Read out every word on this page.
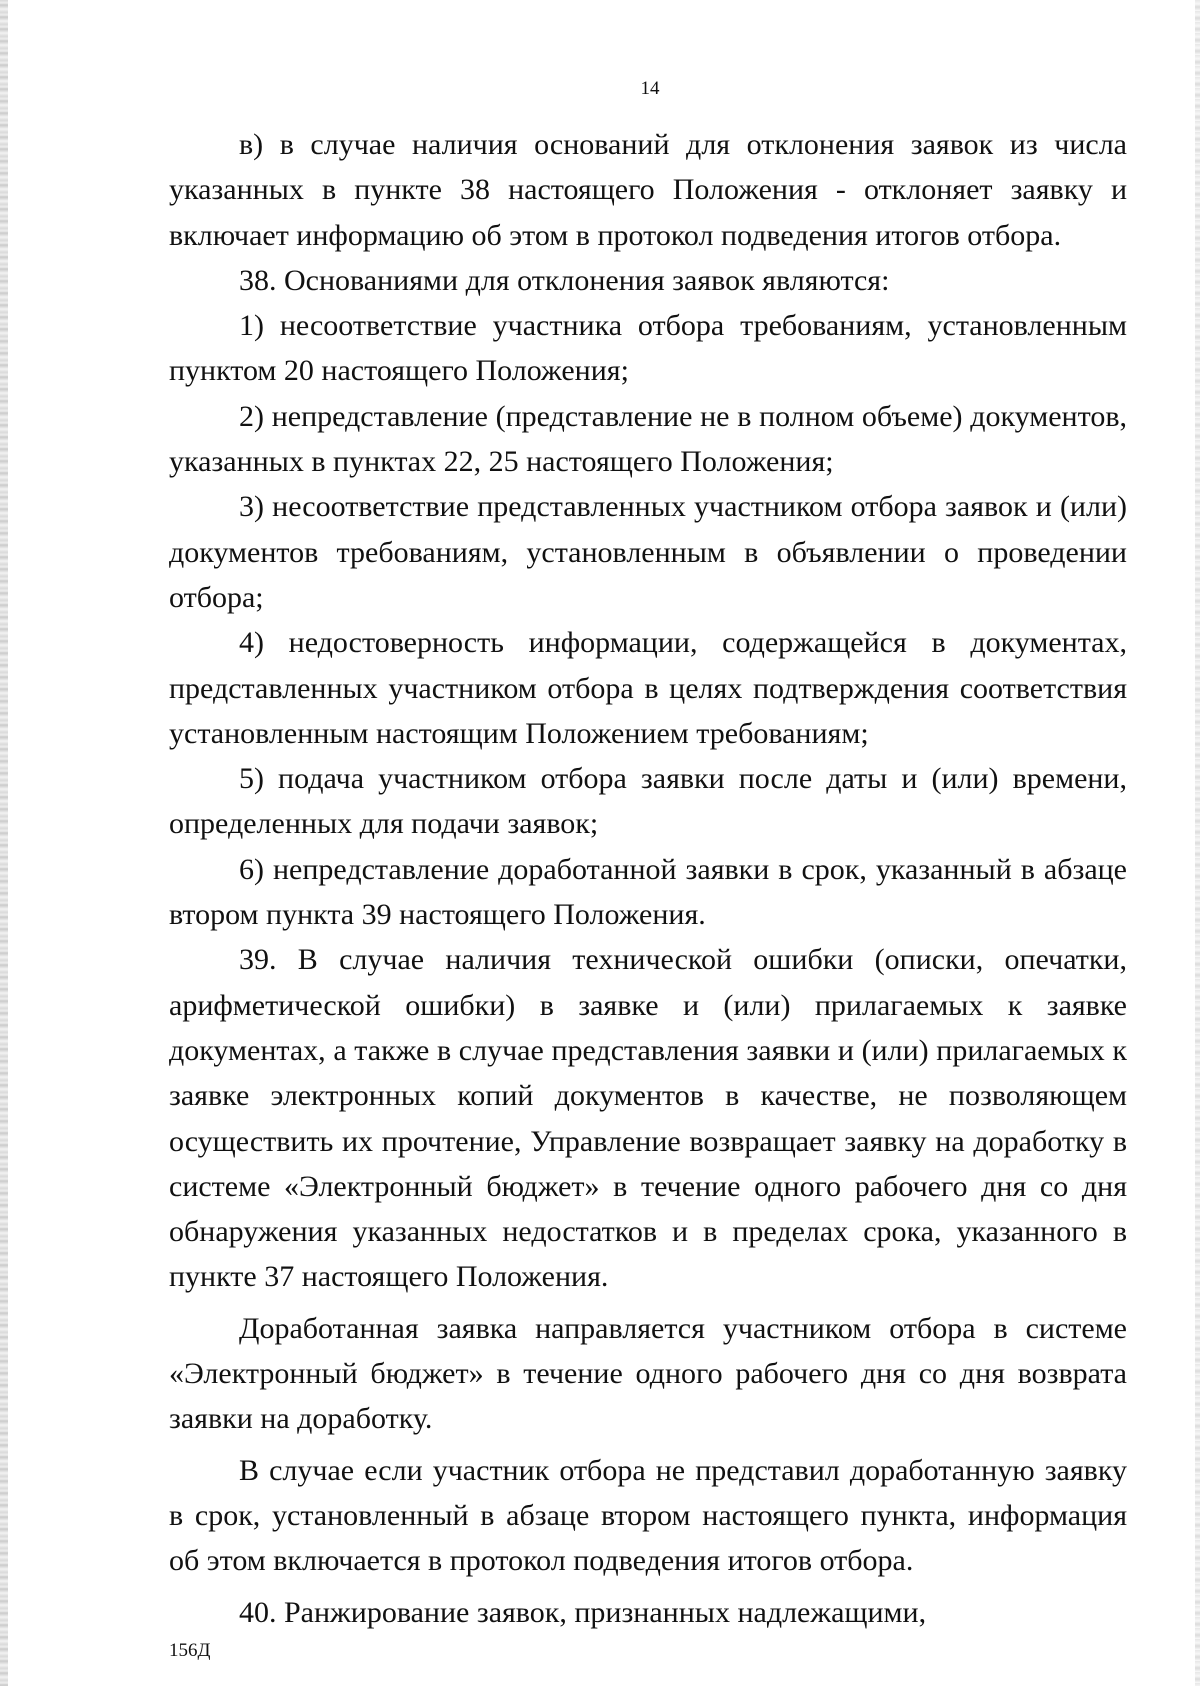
14

в) в случае наличия оснований для отклонения заявок из числа указанных в пункте 38 настоящего Положения - отклоняет заявку и включает информацию об этом в протокол подведения итогов отбора.

38. Основаниями для отклонения заявок являются:

1) несоответствие участника отбора требованиям, установленным пунктом 20 настоящего Положения;

2) непредставление (представление не в полном объеме) документов, указанных в пунктах 22, 25 настоящего Положения;

3) несоответствие представленных участником отбора заявок и (или) документов требованиям, установленным в объявлении о проведении отбора;

4) недостоверность информации, содержащейся в документах, представленных участником отбора в целях подтверждения соответствия установленным настоящим Положением требованиям;

5) подача участником отбора заявки после даты и (или) времени, определенных для подачи заявок;

6) непредставление доработанной заявки в срок, указанный в абзаце втором пункта 39 настоящего Положения.

39. В случае наличия технической ошибки (описки, опечатки, арифметической ошибки) в заявке и (или) прилагаемых к заявке документах, а также в случае представления заявки и (или) прилагаемых к заявке электронных копий документов в качестве, не позволяющем осуществить их прочтение, Управление возвращает заявку на доработку в системе «Электронный бюджет» в течение одного рабочего дня со дня обнаружения указанных недостатков и в пределах срока, указанного в пункте 37 настоящего Положения.

Доработанная заявка направляется участником отбора в системе «Электронный бюджет» в течение одного рабочего дня со дня возврата заявки на доработку.

В случае если участник отбора не представил доработанную заявку в срок, установленный в абзаце втором настоящего пункта, информация об этом включается в протокол подведения итогов отбора.

40. Ранжирование заявок, признанных надлежащими,

156Д
